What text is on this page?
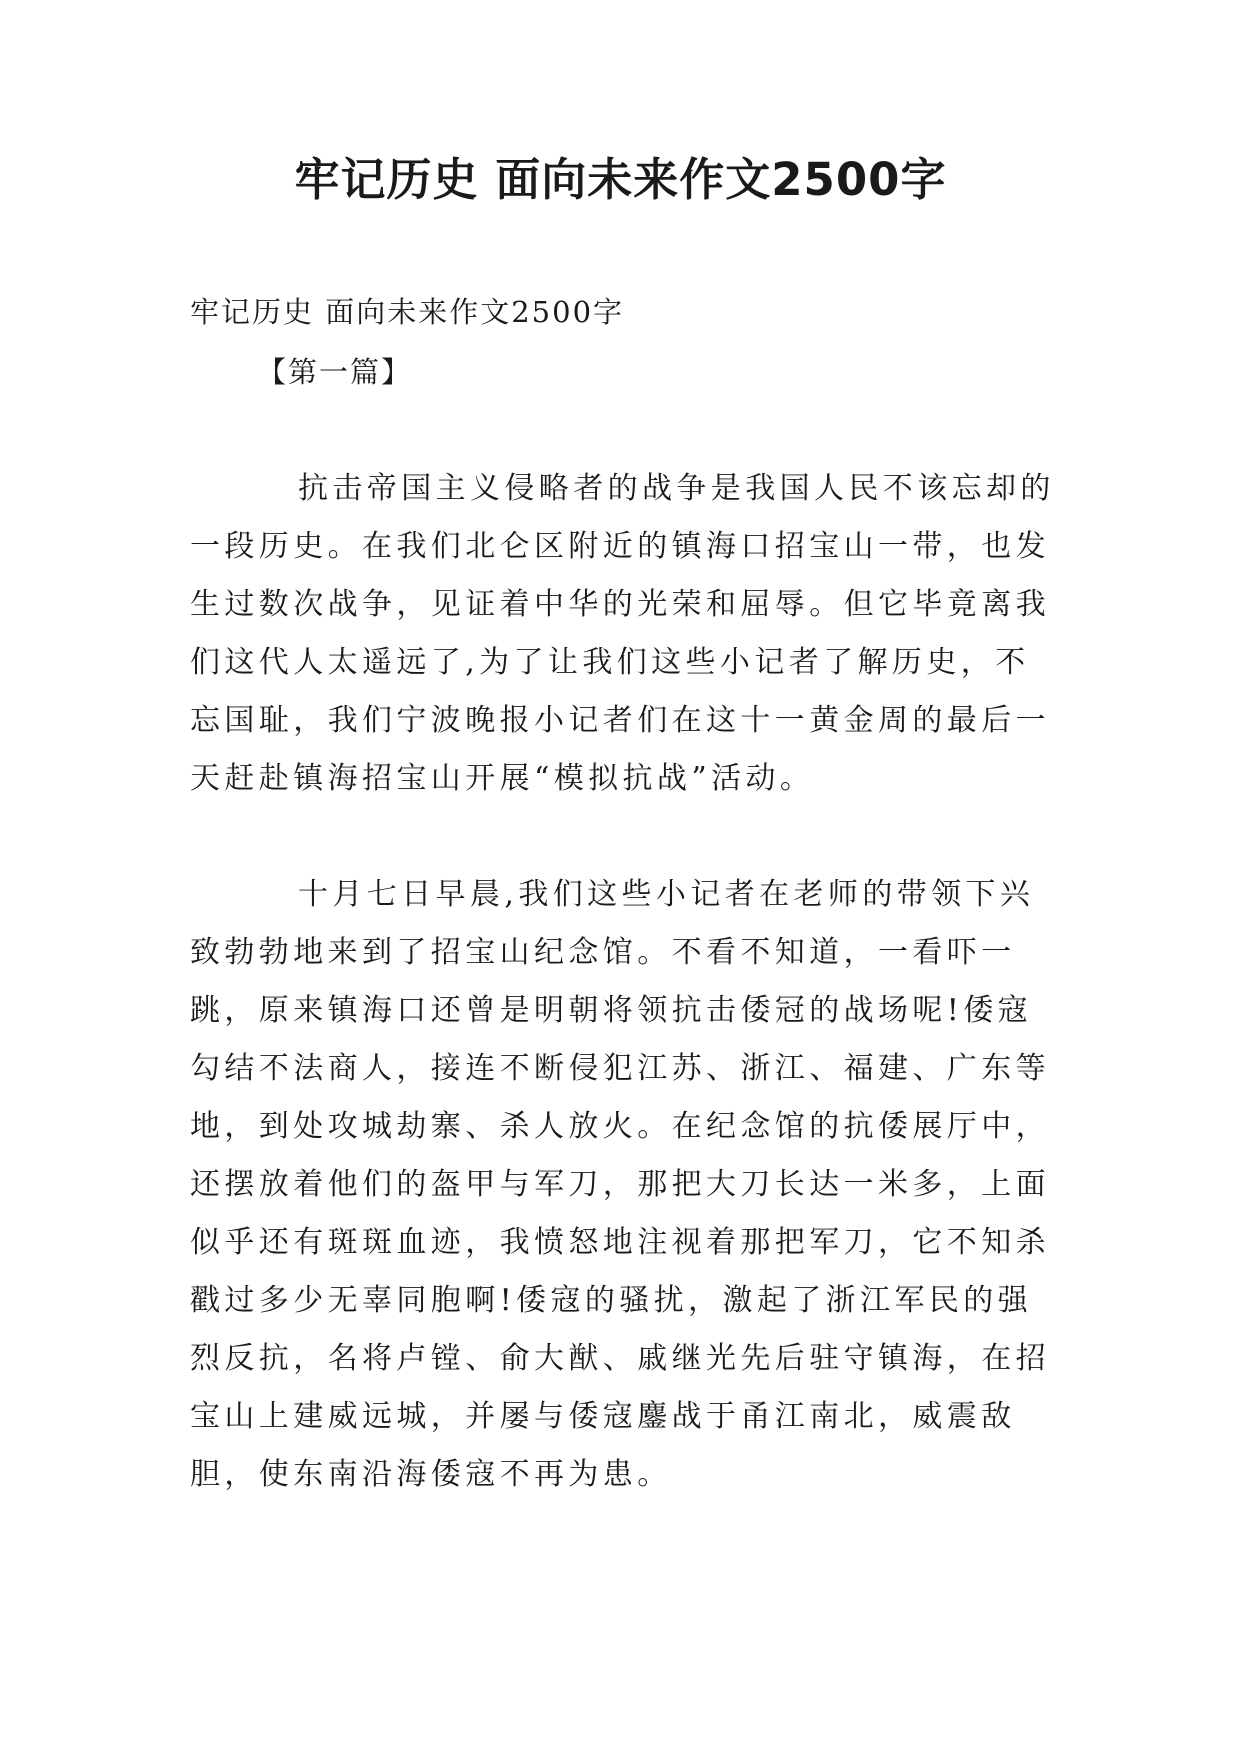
牢记历史 面向未来作文2500字
牢记历史 面向未来作文2500字
【第一篇】

抗击帝国主义侵略者的战争是我国人民不该忘却的一段历史。在我们北仑区附近的镇海口招宝山一带，也发生过数次战争，见证着中华的光荣和屈辱。但它毕竟离我们这代人太遥远了,为了让我们这些小记者了解历史，不忘国耻，我们宁波晚报小记者们在这十一黄金周的最后一天赶赴镇海招宝山开展“模拟抗战”活动。

十月七日早晨,我们这些小记者在老师的带领下兴致勃勃地来到了招宝山纪念馆。不看不知道，一看吓一跳，原来镇海口还曾是明朝将领抗击倭冠的战场呢!倭寇勾结不法商人，接连不断侵犯江苏、浙江、福建、广东等地，到处攻城劫寨、杀人放火。在纪念馆的抗倭展厅中，还摆放着他们的盔甲与军刀，那把大刀长达一米多，上面似乎还有斑斑血迹，我愤怒地注视着那把军刀，它不知杀戳过多少无辜同胞啊!倭寇的骚扰，激起了浙江军民的强烈反抗，名将卢镗、俞大猷、戚继光先后驻守镇海，在招宝山上建威远城，并屡与倭寇鏖战于甬江南北，威震敌胆，使东南沿海倭寇不再为患。
